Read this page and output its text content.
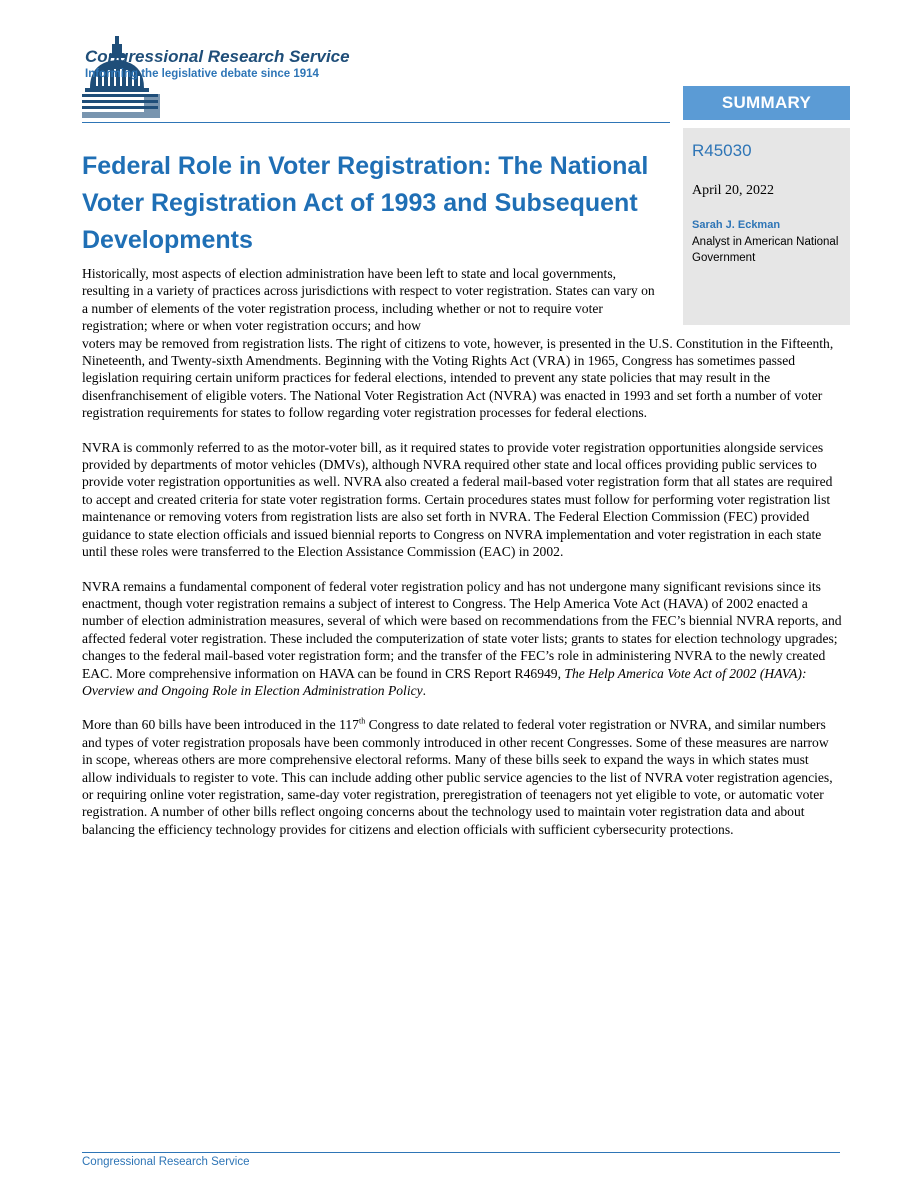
Congressional Research Service
Informing the legislative debate since 1914
SUMMARY
R45030
April 20, 2022
Sarah J. Eckman
Analyst in American National Government
Federal Role in Voter Registration: The National Voter Registration Act of 1993 and Subsequent Developments

Historically, most aspects of election administration have been left to state and local governments, resulting in a variety of practices across jurisdictions with respect to voter registration. States can vary on a number of elements of the voter registration process, including whether or not to require voter registration; where or when voter registration occurs; and how
voters may be removed from registration lists. The right of citizens to vote, however, is presented in the U.S. Constitution in the Fifteenth, Nineteenth, and Twenty-sixth Amendments. Beginning with the Voting Rights Act (VRA) in 1965, Congress has sometimes passed legislation requiring certain uniform practices for federal elections, intended to prevent any state policies that may result in the disenfranchisement of eligible voters. The National Voter Registration Act (NVRA) was enacted in 1993 and set forth a number of voter registration requirements for states to follow regarding voter registration processes for federal elections.

NVRA is commonly referred to as the motor-voter bill, as it required states to provide voter registration opportunities alongside services provided by departments of motor vehicles (DMVs), although NVRA required other state and local offices providing public services to provide voter registration opportunities as well. NVRA also created a federal mail-based voter registration form that all states are required to accept and created criteria for state voter registration forms. Certain procedures states must follow for performing voter registration list maintenance or removing voters from registration lists are also set forth in NVRA. The Federal Election Commission (FEC) provided guidance to state election officials and issued biennial reports to Congress on NVRA implementation and voter registration in each state until these roles were transferred to the Election Assistance Commission (EAC) in 2002.

NVRA remains a fundamental component of federal voter registration policy and has not undergone many significant revisions since its enactment, though voter registration remains a subject of interest to Congress. The Help America Vote Act (HAVA) of 2002 enacted a number of election administration measures, several of which were based on recommendations from the FEC’s biennial NVRA reports, and affected federal voter registration. These included the computerization of state voter lists; grants to states for election technology upgrades; changes to the federal mail-based voter registration form; and the transfer of the FEC’s role in administering NVRA to the newly created EAC. More comprehensive information on HAVA can be found in CRS Report R46949, The Help America Vote Act of 2002 (HAVA): Overview and Ongoing Role in Election Administration Policy.

More than 60 bills have been introduced in the 117th Congress to date related to federal voter registration or NVRA, and similar numbers and types of voter registration proposals have been commonly introduced in other recent Congresses. Some of these measures are narrow in scope, whereas others are more comprehensive electoral reforms. Many of these bills seek to expand the ways in which states must allow individuals to register to vote. This can include adding other public service agencies to the list of NVRA voter registration agencies, or requiring online voter registration, same-day voter registration, preregistration of teenagers not yet eligible to vote, or automatic voter registration. A number of other bills reflect ongoing concerns about the technology used to maintain voter registration data and about balancing the efficiency technology provides for citizens and election officials with sufficient cybersecurity protections.

Congressional Research Service
